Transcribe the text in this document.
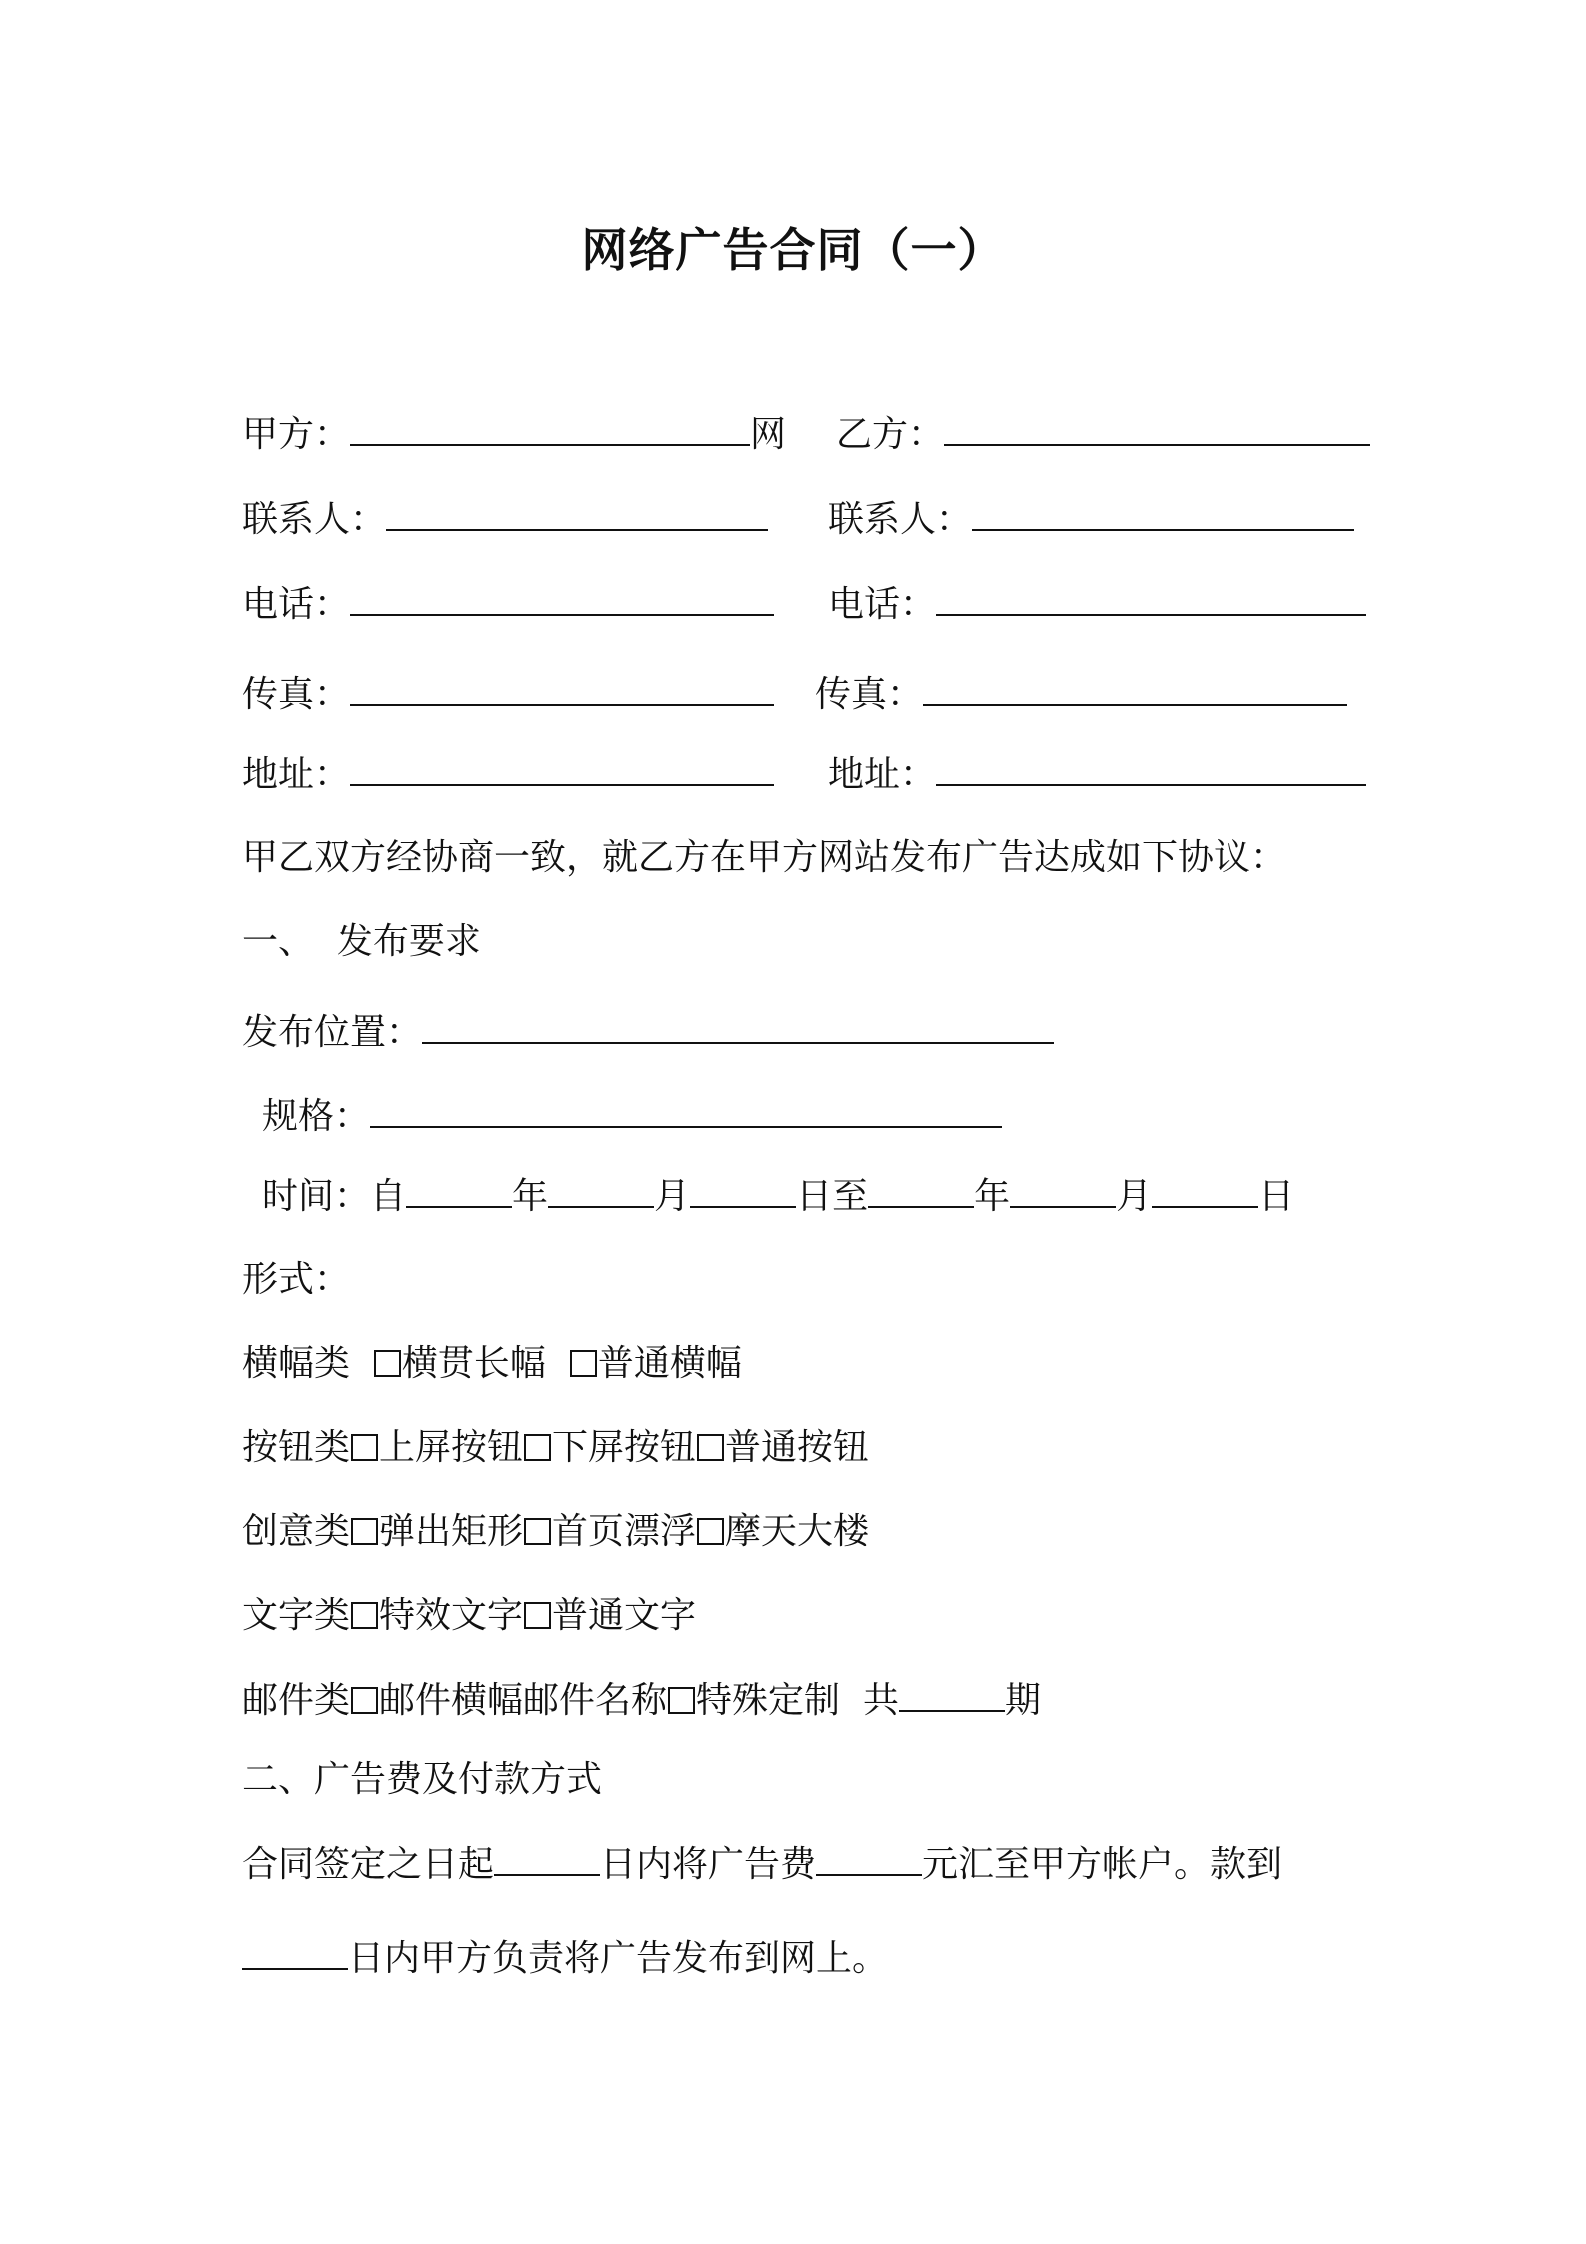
网络广告合同（一）
甲方：	网 乙方：
联系人：	联系人：
电话：	电话：
传真：	传真：
地址：	地址：
甲乙双方经协商一致，就乙方在甲方网站发布广告达成如下协议：
一、  发布要求
发布位置：
规格：
时间：自	年	月	日至	年	月	日
形式：
横幅类 横贯长幅 普通横幅
按钮类 上屏按钮 下屏按钮 普通按钮
创意类 弹出矩形 首页漂浮 摩天大楼
文字类 特效文字 普通文字
邮件类 邮件横幅邮件名称 特殊定制 共	期
二、广告费及付款方式
合同签定之日起	日内将广告费	元汇至甲方帐户。款到
日内甲方负责将广告发布到网上。
